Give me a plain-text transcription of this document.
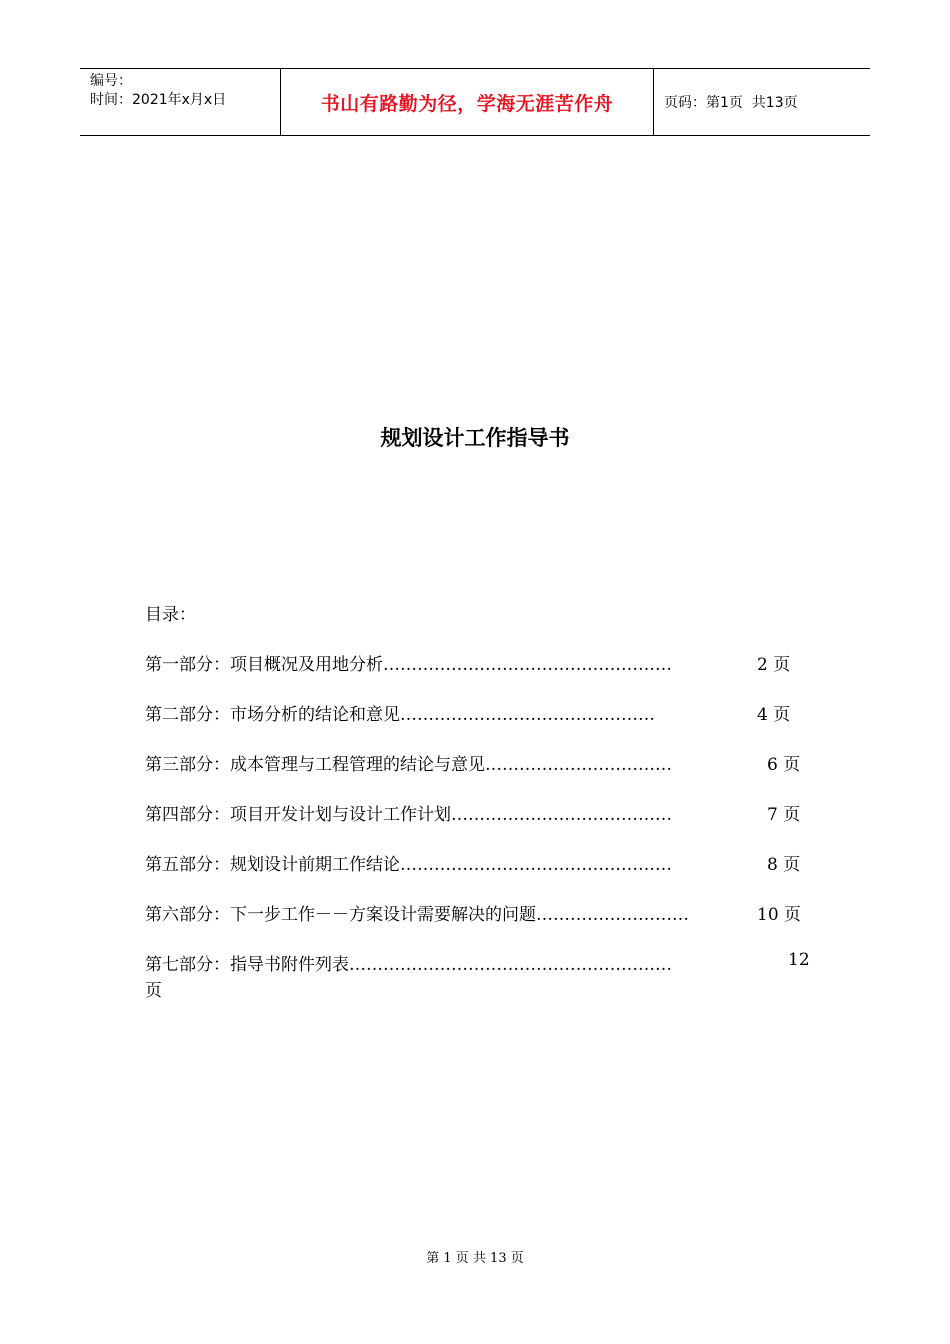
编号：
时间：2021年x月x日	书山有路勤为径，学海无涯苦作舟	页码：第1页  共13页
规划设计工作指导书
目录：
第一部分：项目概况及用地分析……………………………………………	2 页
第二部分：市场分析的结论和意见………………………………………	4 页
第三部分：成本管理与工程管理的结论与意见……………………………	6 页
第四部分：项目开发计划与设计工作计划…………………………………	7 页
第五部分：规划设计前期工作结论…………………………………………	8 页
第六部分：下一步工作－－方案设计需要解决的问题………………………	10 页
第七部分：指导书附件列表…………………………………………………	12
页
第 1 页 共 13 页
